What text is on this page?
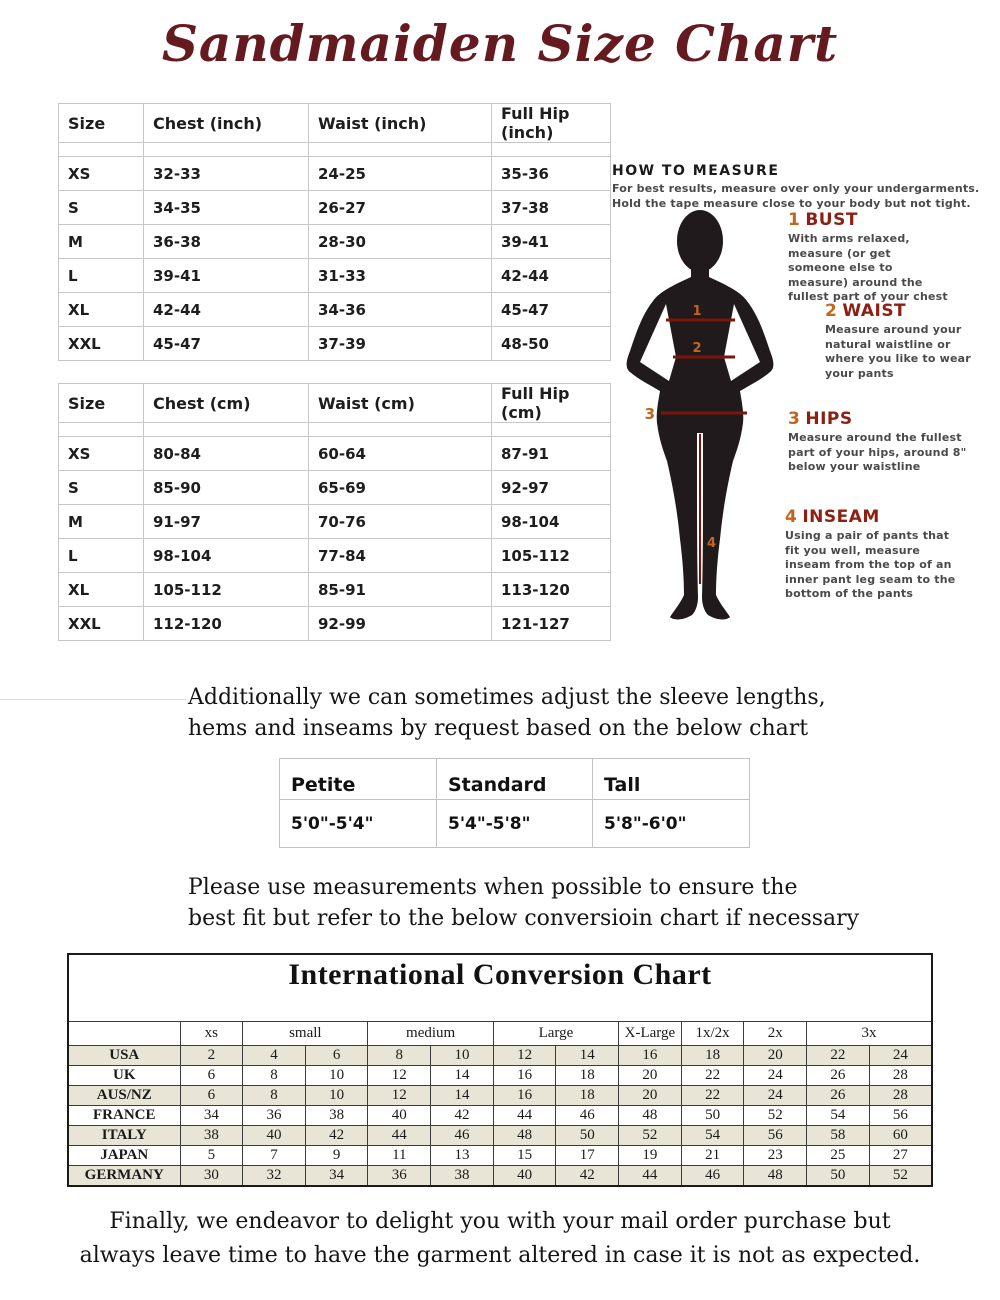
Sandmaiden Size Chart
Size	Chest (inch)	Waist (inch)	Full Hip (inch)

XS	32-33	24-25	35-36
S	34-35	26-27	37-38
M	36-38	28-30	39-41
L	39-41	31-33	42-44
XL	42-44	34-36	45-47
XXL	45-47	37-39	48-50
Size	Chest (cm)	Waist (cm)	Full Hip (cm)

XS	80-84	60-64	87-91
S	85-90	65-69	92-97
M	91-97	70-76	98-104
L	98-104	77-84	105-112
XL	105-112	85-91	113-120
XXL	112-120	92-99	121-127
HOW TO MEASURE
For best results, measure over only your undergarments.
Hold the tape measure close to your body but not tight.
1
2
3
4
1 BUST
With arms relaxed, measure (or get someone else to measure) around the fullest part of your chest
2 WAIST
Measure around your natural waistline or where you like to wear your pants
3 HIPS
Measure around the fullest part of your hips, around 8" below your waistline
4 INSEAM
Using a pair of pants that fit you well, measure inseam from the top of an inner pant leg seam to the bottom of the pants
Additionally we can sometimes adjust the sleeve lengths,
hems and inseams by request based on the below chart
Petite	Standard	Tall
5'0"-5'4"	5'4"-5'8"	5'8"-6'0"
Please use measurements when possible to ensure the
best fit but refer to the below conversioin chart if necessary
International Conversion Chart												
	xs	small		medium		Large		X-Large	1x/2x	2x	3x	
USA	2	4	6	8	10	12	14	16	18	20	22	24
UK	6	8	10	12	14	16	18	20	22	24	26	28
AUS/NZ	6	8	10	12	14	16	18	20	22	24	26	28
FRANCE	34	36	38	40	42	44	46	48	50	52	54	56
ITALY	38	40	42	44	46	48	50	52	54	56	58	60
JAPAN	5	7	9	11	13	15	17	19	21	23	25	27
GERMANY	30	32	34	36	38	40	42	44	46	48	50	52
Finally, we endeavor to delight you with your mail order purchase but
always leave time to have the garment altered in case it is not as expected.
